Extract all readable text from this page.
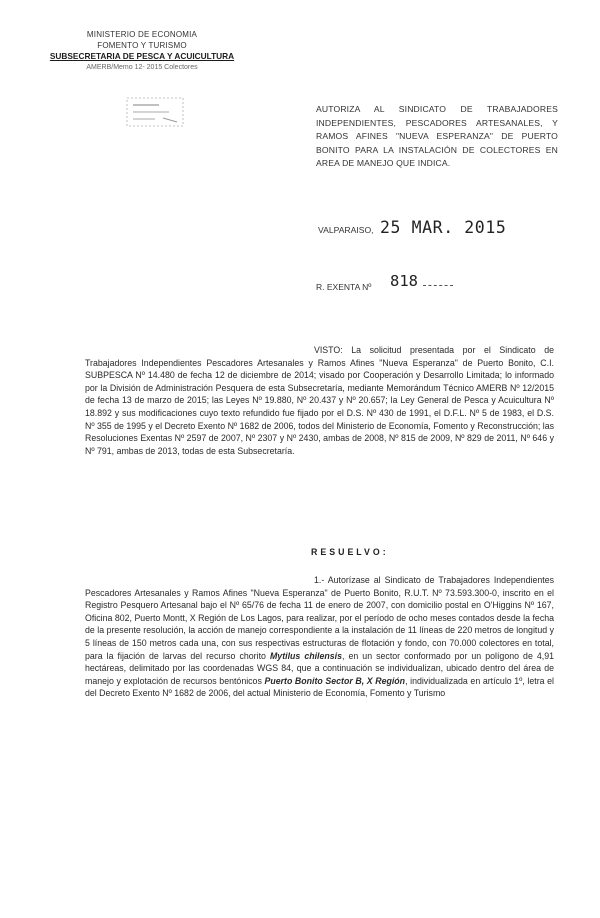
MINISTERIO DE ECONOMIA
FOMENTO Y TURISMO
SUBSECRETARIA DE PESCA Y ACUICULTURA
AMERB/Memo 12- 2015 Colectores
AUTORIZA AL SINDICATO DE TRABAJADORES INDEPENDIENTES, PESCADORES ARTESANALES, Y RAMOS AFINES "NUEVA ESPERANZA" DE PUERTO BONITO PARA LA INSTALACIÓN DE COLECTORES EN AREA DE MANEJO QUE INDICA.
VALPARAISO, 25 MAR. 2015
R. EXENTA Nº 818
VISTO: La solicitud presentada por el Sindicato de Trabajadores Independientes Pescadores Artesanales y Ramos Afines "Nueva Esperanza" de Puerto Bonito, C.I. SUBPESCA Nº 14.480 de fecha 12 de diciembre de 2014; visado por Cooperación y Desarrollo Limitada; lo informado por la División de Administración Pesquera de esta Subsecretaría, mediante Memorándum Técnico AMERB Nº 12/2015 de fecha 13 de marzo de 2015; las Leyes Nº 19.880, Nº 20.437 y Nº 20.657; la Ley General de Pesca y Acuicultura Nº 18.892 y sus modificaciones cuyo texto refundido fue fijado por el D.S. Nº 430 de 1991, el D.F.L. Nº 5 de 1983, el D.S. Nº 355 de 1995 y el Decreto Exento Nº 1682 de 2006, todos del Ministerio de Economía, Fomento y Reconstrucción; las Resoluciones Exentas Nº 2597 de 2007, Nº 2307 y Nº 2430, ambas de 2008, Nº 815 de 2009, Nº 829 de 2011, Nº 646 y Nº 791, ambas de 2013, todas de esta Subsecretaría.
RESUELVO:
1.- Autorízase al Sindicato de Trabajadores Independientes Pescadores Artesanales y Ramos Afines "Nueva Esperanza" de Puerto Bonito, R.U.T. Nº 73.593.300-0, inscrito en el Registro Pesquero Artesanal bajo el Nº 65/76 de fecha 11 de enero de 2007, con domicilio postal en O'Higgins Nº 167, Oficina 802, Puerto Montt, X Región de Los Lagos, para realizar, por el período de ocho meses contados desde la fecha de la presente resolución, la acción de manejo correspondiente a la instalación de 11 líneas de 220 metros de longitud y 5 líneas de 150 metros cada una, con sus respectivas estructuras de flotación y fondo, con 70.000 colectores en total, para la fijación de larvas del recurso chorito Mytilus chilensis, en un sector conformado por un polígono de 4,91 hectáreas, delimitado por las coordenadas WGS 84, que a continuación se individualizan, ubicado dentro del área de manejo y explotación de recursos bentónicos Puerto Bonito Sector B, X Región, individualizada en artículo 1º, letra el del Decreto Exento Nº 1682 de 2006, del actual Ministerio de Economía, Fomento y Turismo
